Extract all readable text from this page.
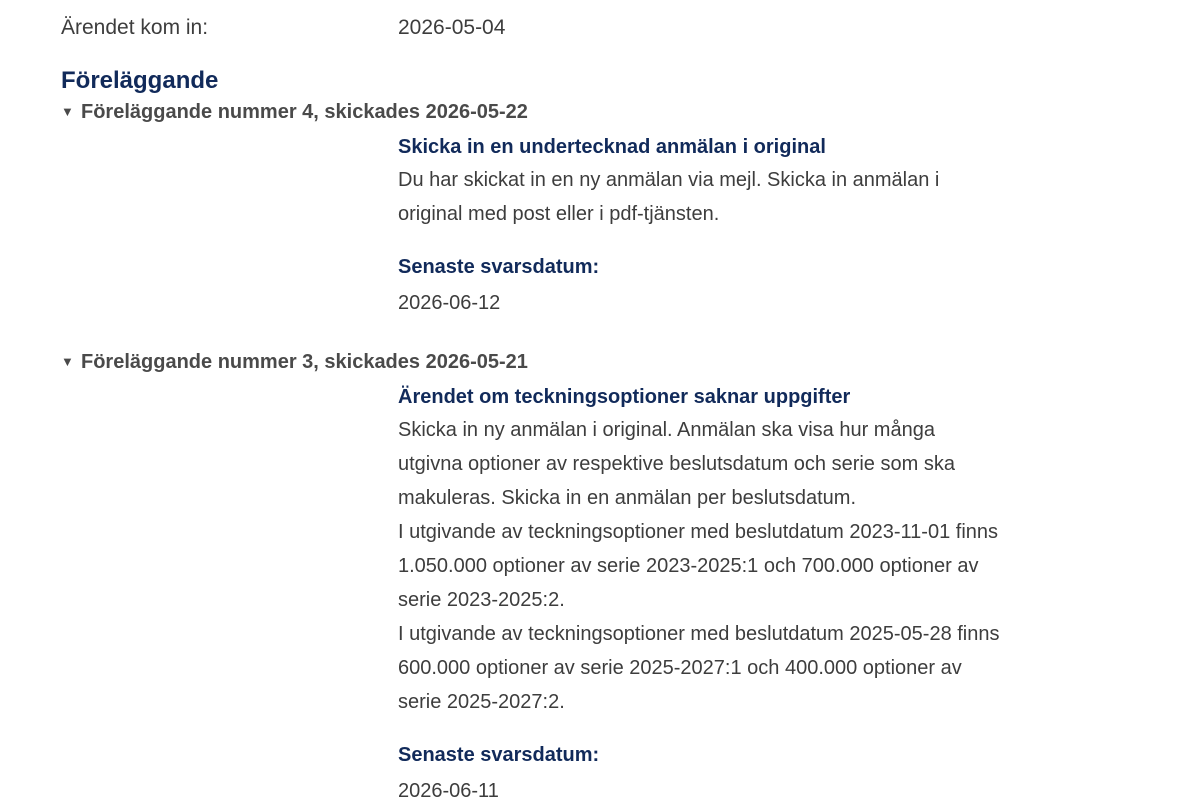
Ärendet kom in:	2026-05-04
Föreläggande
▼ Föreläggande nummer 4, skickades 2026-05-22

Skicka in en undertecknad anmälan i original

Du har skickat in en ny anmälan via mejl. Skicka in anmälan i
original med post eller i pdf-tjänsten.

Senaste svarsdatum:

2026-06-12

▼ Föreläggande nummer 3, skickades 2026-05-21

Ärendet om teckningsoptioner saknar uppgifter

Skicka in ny anmälan i original. Anmälan ska visa hur många
utgivna optioner av respektive beslutsdatum och serie som ska
makuleras. Skicka in en anmälan per beslutsdatum.
I utgivande av teckningsoptioner med beslutdatum 2023-11-01 finns
1.050.000 optioner av serie 2023-2025:1 och 700.000 optioner av
serie 2023-2025:2.
I utgivande av teckningsoptioner med beslutdatum 2025-05-28 finns
600.000 optioner av serie 2025-2027:1 och 400.000 optioner av
serie 2025-2027:2.

Senaste svarsdatum:

2026-06-11
